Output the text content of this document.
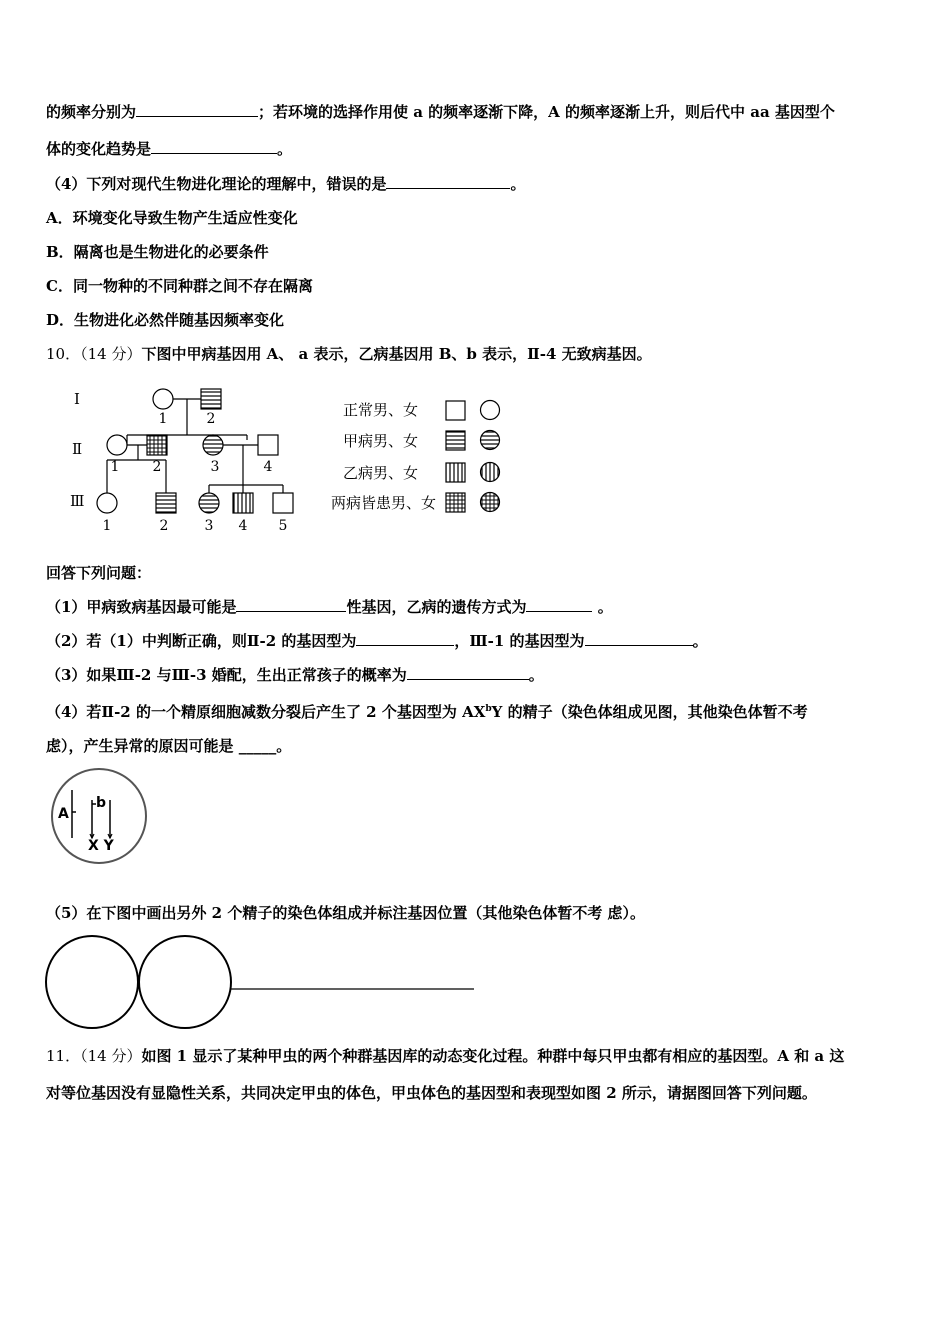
的频率分别为	；若环境的选择作用使 a 的频率逐渐下降，A 的频率逐渐上升，则后代中 aa 基因型个
体的变化趋势是	。
（4）下列对现代生物进化理论的理解中，错误的是	。
A．环境变化导致生物产生适应性变化
B．隔离也是生物进化的必要条件
C．同一物种的不同种群之间不存在隔离
D．生物进化必然伴随基因频率变化
10．（14 分）下图中甲病基因用 A、 a 表示，乙病基因用 B、b 表示，Ⅱ-4 无致病基因。
Ⅰ
Ⅱ
Ⅲ
1	2
1 2	3	4
1	2	3 4 5
正常男、女
甲病男、女
乙病男、女
两病皆患男、女
回答下列问题：
（1）甲病致病基因最可能是	性基因，乙病的遗传方式为	。
（2）若（1）中判断正确，则Ⅱ-2 的基因型为	，Ⅲ-1 的基因型为	。
（3）如果Ⅲ-2 与Ⅲ-3 婚配，生出正常孩子的概率为	。
（4）若Ⅱ-2 的一个精原细胞减数分裂后产生了 2 个基因型为 $AX^bY$ 的精子（染色体组成见图，其他染色体暂不考
虑），产生异常的原因可能是 _____。
A
b
X Y
（5）在下图中画出另外 2 个精子的染色体组成并标注基因位置（其他染色体暂不考 虑）。
11．（14 分）如图 1 显示了某种甲虫的两个种群基因库的动态变化过程。种群中每只甲虫都有相应的基因型。A 和 a 这
对等位基因没有显隐性关系，共同决定甲虫的体色，甲虫体色的基因型和表现型如图 2 所示，请据图回答下列问题。
